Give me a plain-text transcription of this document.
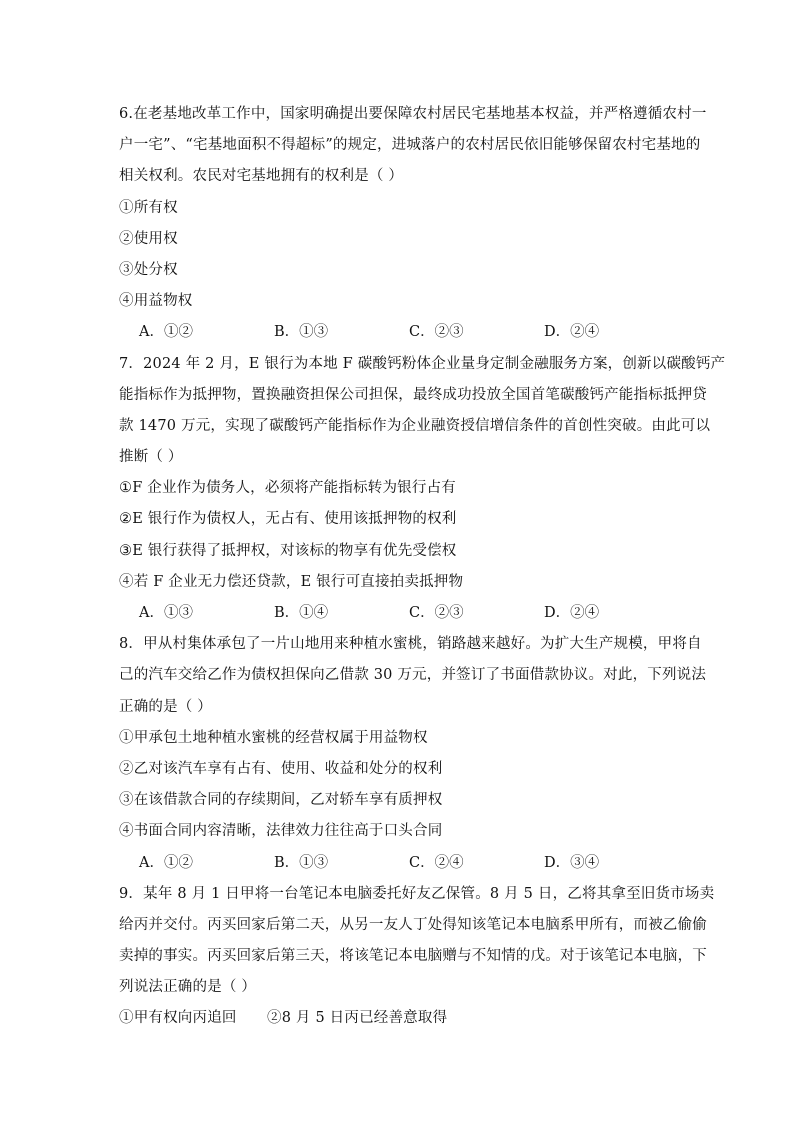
6.在老基地改革工作中，国家明确提出要保障农村居民宅基地基本权益，并严格遵循农村一
户一宅”、“宅基地面积不得超标”的规定，进城落户的农村居民依旧能够保留农村宅基地的
相关权利。农民对宅基地拥有的权利是（ ）
①所有权
②使用权
③处分权
④用益物权
A．①②	B．①③	C．②③	D．②④
7．2024 年 2 月，E 银行为本地 F 碳酸钙粉体企业量身定制金融服务方案，创新以碳酸钙产
能指标作为抵押物，置换融资担保公司担保，最终成功投放全国首笔碳酸钙产能指标抵押贷
款 1470 万元，实现了碳酸钙产能指标作为企业融资授信增信条件的首创性突破。由此可以
推断（ ）
①F 企业作为债务人，必须将产能指标转为银行占有
②E 银行作为债权人，无占有、使用该抵押物的权利
③E 银行获得了抵押权，对该标的物享有优先受偿权
④若 F 企业无力偿还贷款，E 银行可直接拍卖抵押物
A．①③	B．①④	C．②③	D．②④
8．甲从村集体承包了一片山地用来种植水蜜桃，销路越来越好。为扩大生产规模，甲将自
己的汽车交给乙作为债权担保向乙借款 30 万元，并签订了书面借款协议。对此，下列说法
正确的是（ ）
①甲承包土地种植水蜜桃的经营权属于用益物权
②乙对该汽车享有占有、使用、收益和处分的权利
③在该借款合同的存续期间，乙对轿车享有质押权
④书面合同内容清晰，法律效力往往高于口头合同
A．①②	B．①③	C．②④	D．③④
9．某年 8 月 1 日甲将一台笔记本电脑委托好友乙保管。8 月 5 日，乙将其拿至旧货市场卖
给丙并交付。丙买回家后第二天，从另一友人丁处得知该笔记本电脑系甲所有，而被乙偷偷
卖掉的事实。丙买回家后第三天，将该笔记本电脑赠与不知情的戊。对于该笔记本电脑，下
列说法正确的是（ ）
①甲有权向丙追回	②8 月 5 日丙已经善意取得
